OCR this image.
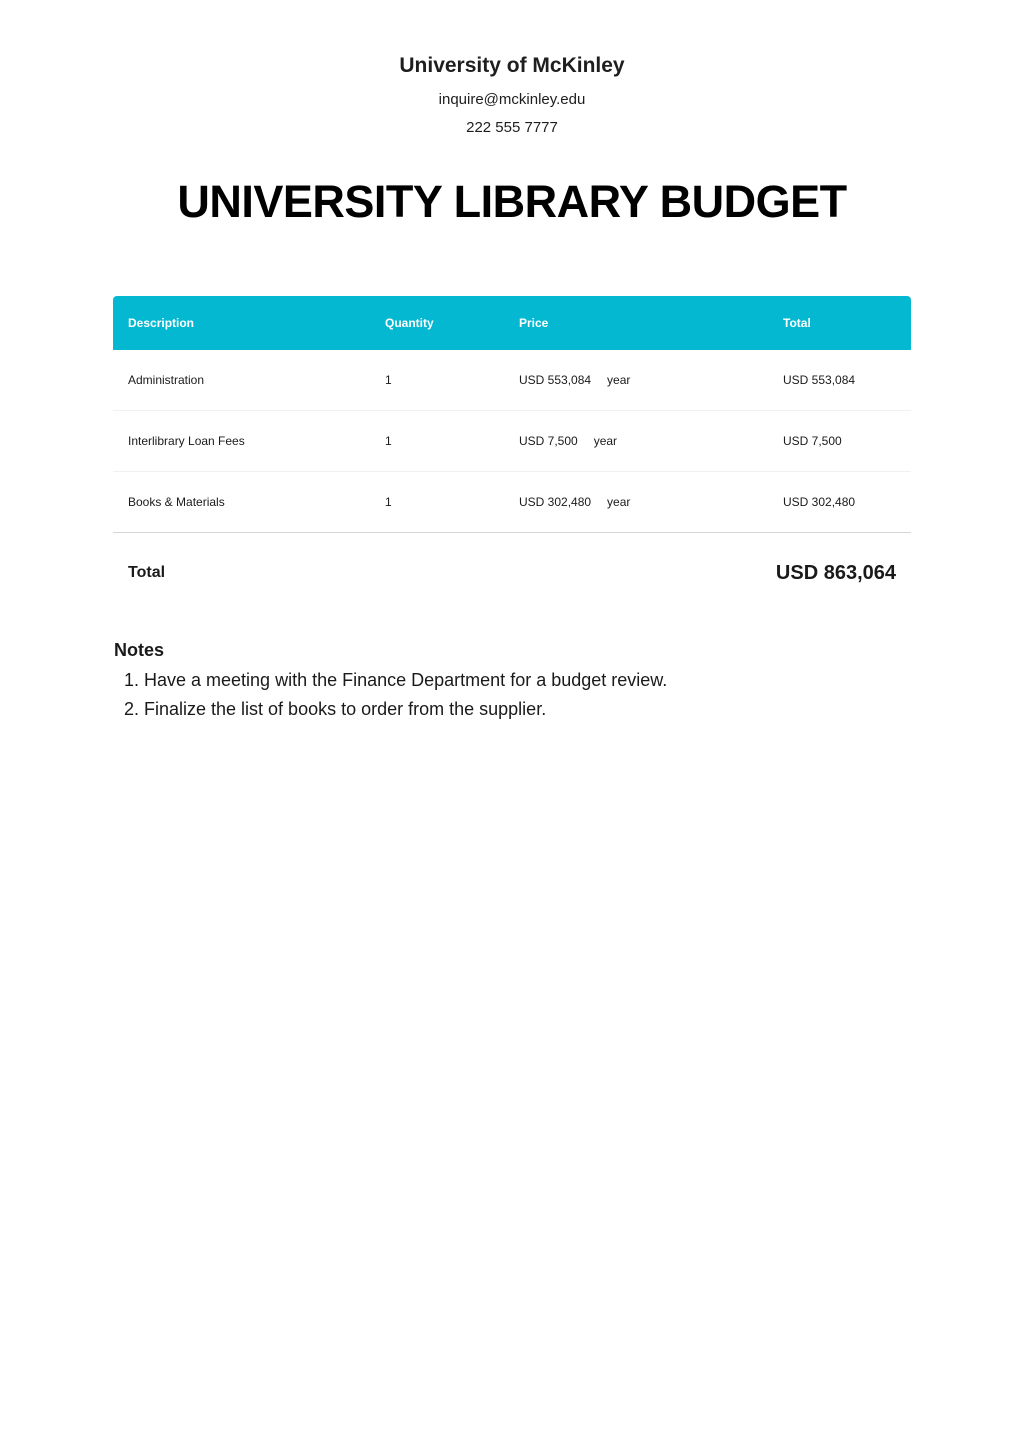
University of McKinley
inquire@mckinley.edu
222 555 7777
UNIVERSITY LIBRARY BUDGET
Description	Quantity	Price	Total
Administration	1	USD 553,084 year	USD 553,084
Interlibrary Loan Fees	1	USD 7,500 year	USD 7,500
Books & Materials	1	USD 302,480 year	USD 302,480
Total	USD 863,064
Notes
1. Have a meeting with the Finance Department for a budget review.
2. Finalize the list of books to order from the supplier.
